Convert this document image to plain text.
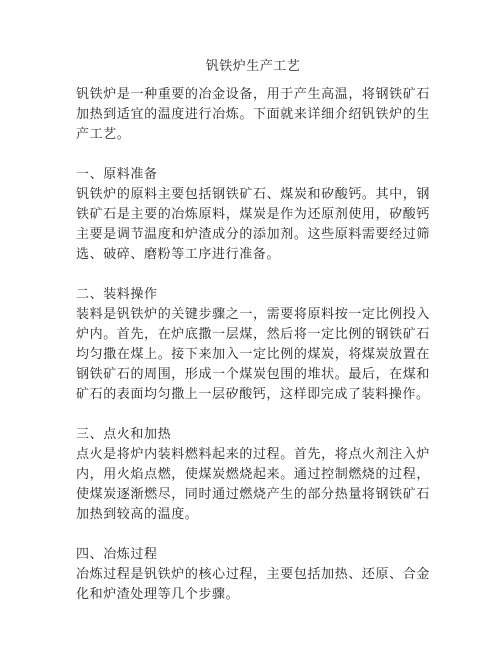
钒铁炉生产工艺

钒铁炉是一种重要的冶金设备，用于产生高温，将钢铁矿石加热到适宜的温度进行冶炼。下面就来详细介绍钒铁炉的生产工艺。

一、原料准备

钒铁炉的原料主要包括钢铁矿石、煤炭和矽酸钙。其中，钢铁矿石是主要的冶炼原料，煤炭是作为还原剂使用，矽酸钙主要是调节温度和炉渣成分的添加剂。这些原料需要经过筛选、破碎、磨粉等工序进行准备。

二、装料操作

装料是钒铁炉的关键步骤之一，需要将原料按一定比例投入炉内。首先，在炉底撒一层煤，然后将一定比例的钢铁矿石均匀撒在煤上。接下来加入一定比例的煤炭，将煤炭放置在钢铁矿石的周围，形成一个煤炭包围的堆状。最后，在煤和矿石的表面均匀撒上一层矽酸钙，这样即完成了装料操作。

三、点火和加热

点火是将炉内装料燃料起来的过程。首先，将点火剂注入炉内，用火焰点燃，使煤炭燃烧起来。通过控制燃烧的过程，使煤炭逐渐燃尽，同时通过燃烧产生的部分热量将钢铁矿石加热到较高的温度。

四、冶炼过程

冶炼过程是钒铁炉的核心过程，主要包括加热、还原、合金化和炉渣处理等几个步骤。
